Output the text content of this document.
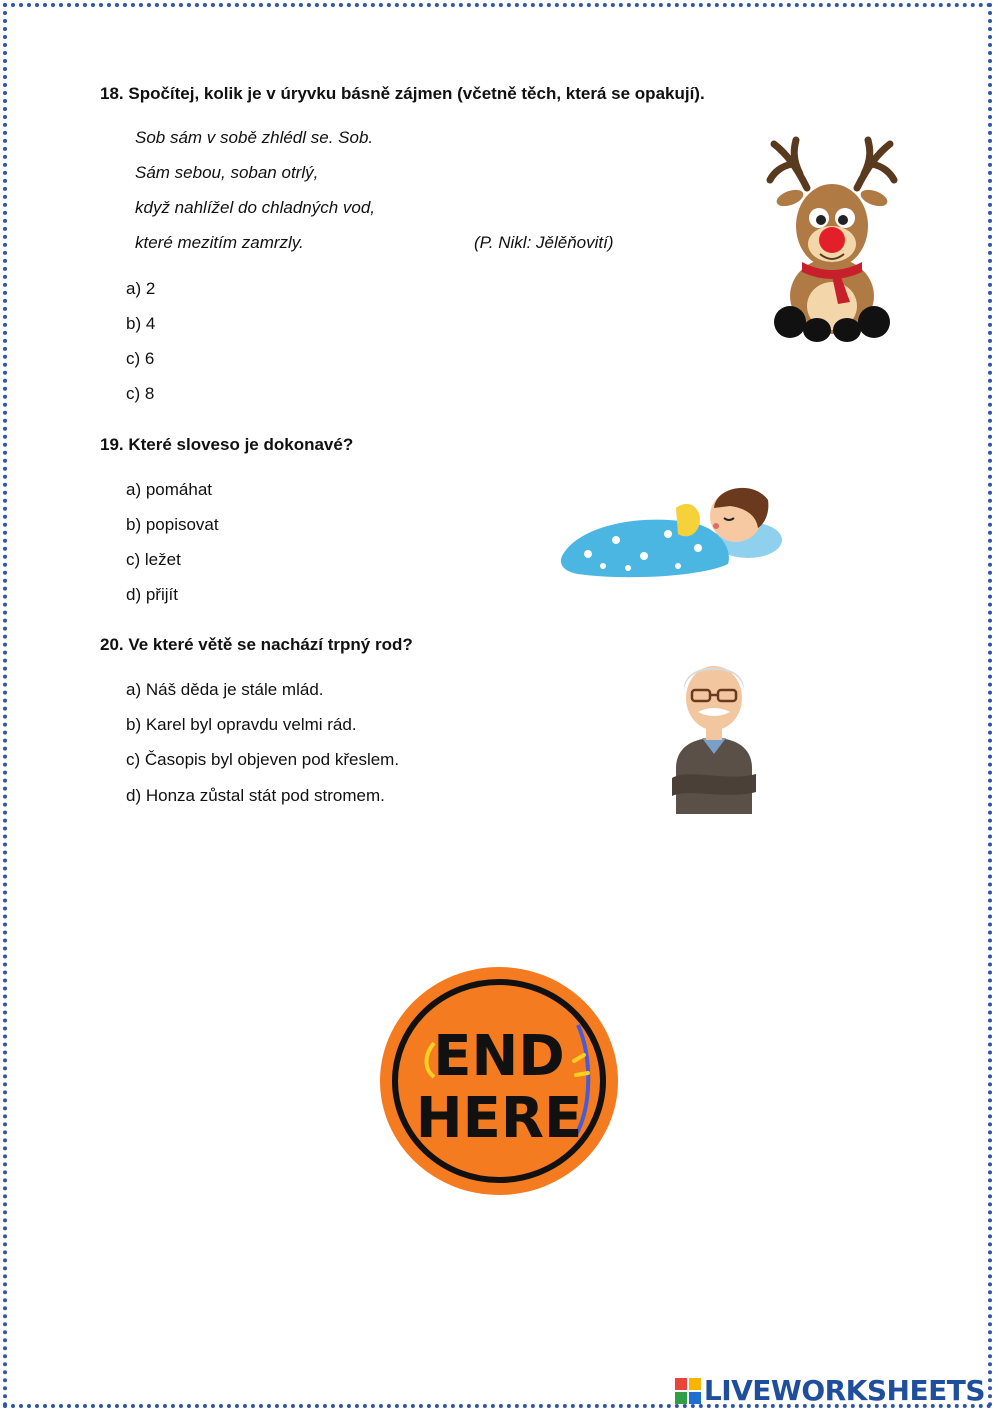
18. Spočítej, kolik je v úryvku básně zájmen (včetně těch, která se opakují).
Sob sám v sobě zhlédl se. Sob.
Sám sebou, soban otrlý,
když nahlížel do chladných vod,
které mezitím zamrzly.	(P. Nikl: Jělěňovití)
a) 2
b) 4
c) 6
c) 8
19. Které sloveso je dokonavé?
a) pomáhat
b) popisovat
c) ležet
d) přijít
20. Ve které větě se nachází trpný rod?
a) Náš děda je stále mlád.
b) Karel byl opravdu velmi rád.
c) Časopis byl objeven pod křeslem.
d) Honza zůstal stát pod stromem.
END
HERE
LIVEWORKSHEETS
